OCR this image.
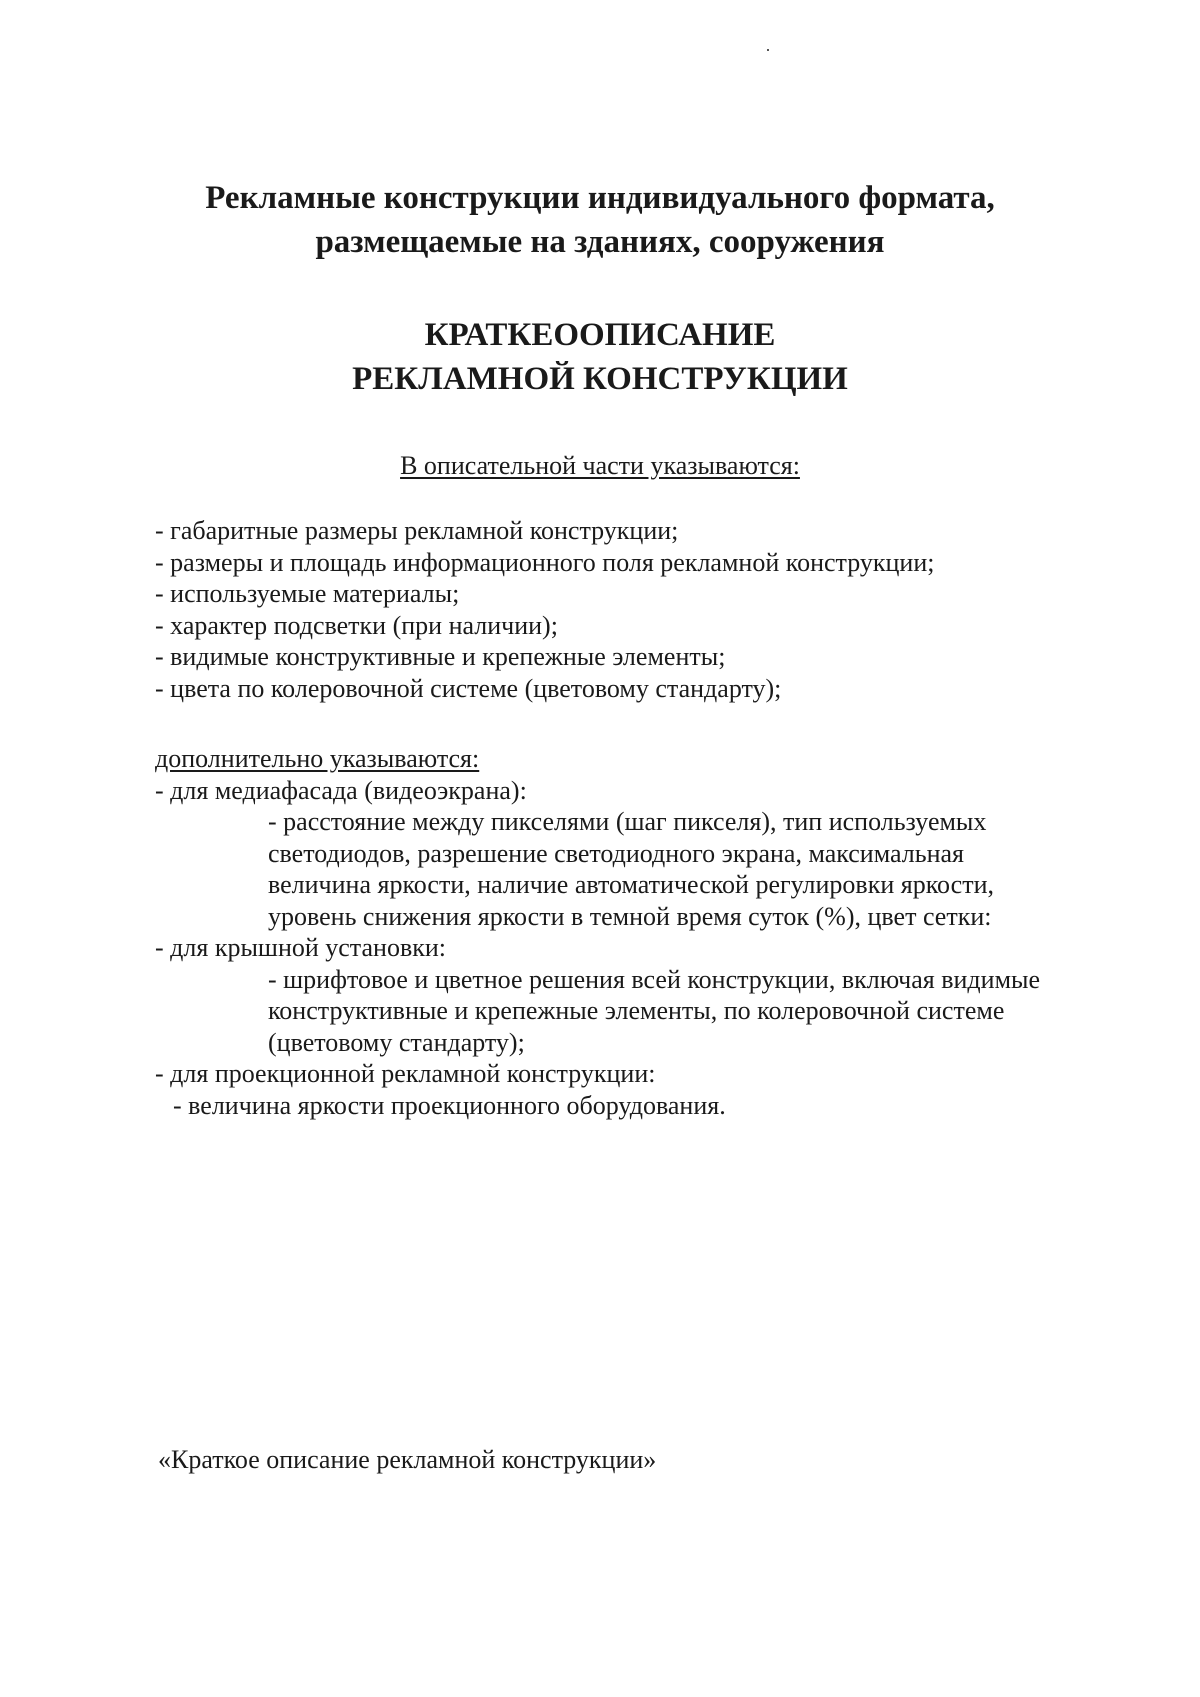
Рекламные конструкции индивидуального формата,
размещаемые на зданиях, сооружения
КРАТКЕООПИСАНИЕ
РЕКЛАМНОЙ КОНСТРУКЦИИ
В описательной части указываются:
- габаритные размеры рекламной конструкции;
- размеры и площадь информационного поля рекламной конструкции;
- используемые материалы;
- характер подсветки (при наличии);
- видимые конструктивные и крепежные элементы;
- цвета по колеровочной системе (цветовому стандарту);
дополнительно указываются:
- для медиафасада (видеоэкрана):
- расстояние между пикселями (шаг пикселя), тип используемых
светодиодов, разрешение светодиодного экрана, максимальная
величина яркости, наличие автоматической регулировки яркости,
уровень снижения яркости в темной время суток (%), цвет сетки:
- для крышной установки:
- шрифтовое и цветное решения всей конструкции, включая видимые
конструктивные и крепежные элементы, по колеровочной системе
(цветовому стандарту);
- для проекционной рекламной конструкции:
- величина яркости проекционного оборудования.
«Краткое описание рекламной конструкции»
